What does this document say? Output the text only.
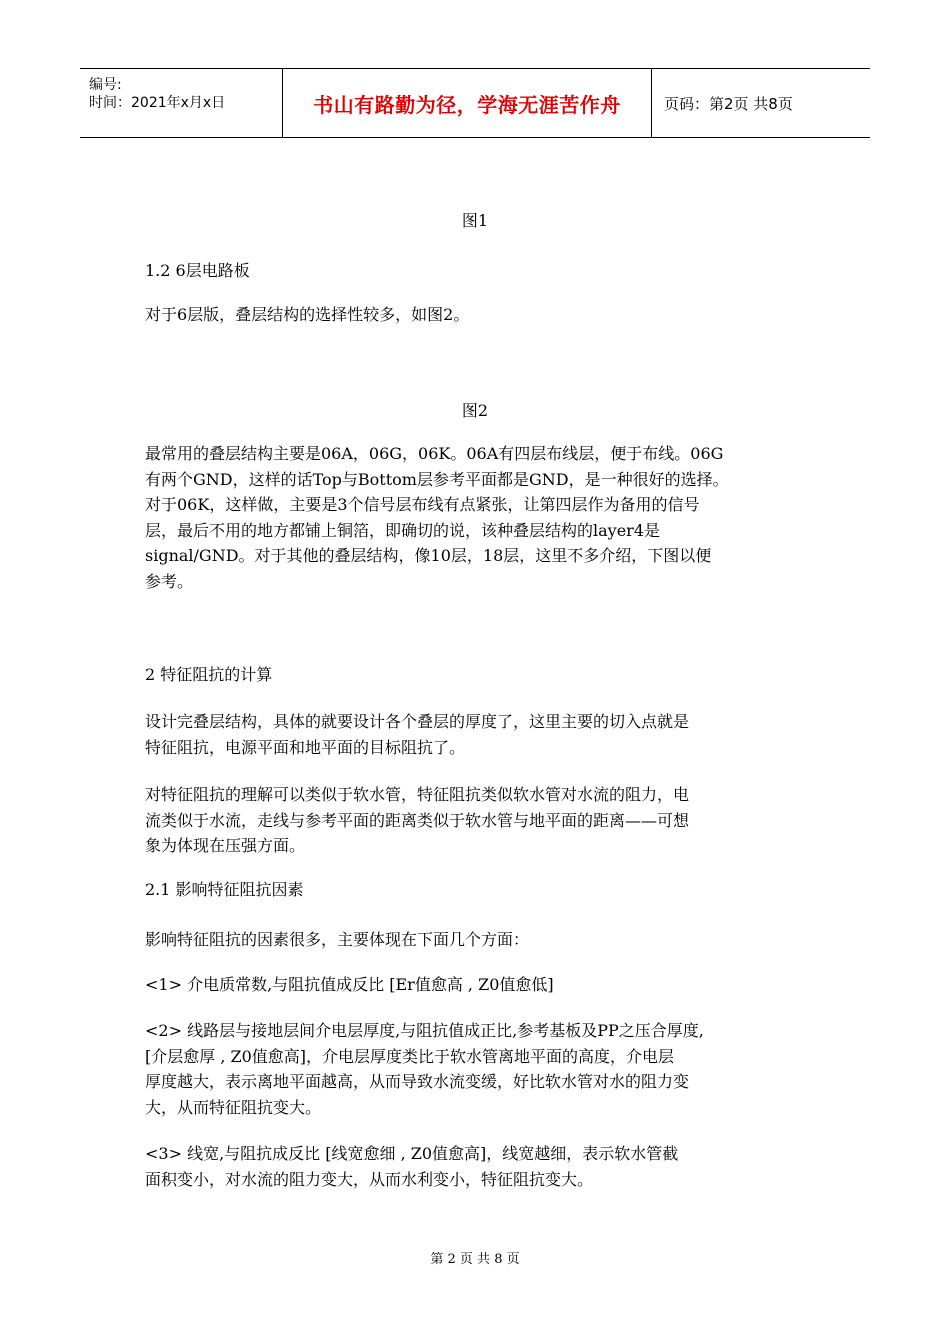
编号:
时间：2021年x月x日	书山有路勤为径，学海无涯苦作舟	页码：第2页 共8页
图1
1.2 6层电路板
对于6层版，叠层结构的选择性较多，如图2。
图2
最常用的叠层结构主要是06A，06G，06K。06A有四层布线层，便于布线。06G
有两个GND，这样的话Top与Bottom层参考平面都是GND，是一种很好的选择。
对于06K，这样做，主要是3个信号层布线有点紧张，让第四层作为备用的信号
层，最后不用的地方都铺上铜箔，即确切的说，该种叠层结构的layer4是
signal/GND。对于其他的叠层结构，像10层，18层，这里不多介绍，下图以便
参考。
2 特征阻抗的计算
设计完叠层结构，具体的就要设计各个叠层的厚度了，这里主要的切入点就是
特征阻抗，电源平面和地平面的目标阻抗了。
对特征阻抗的理解可以类似于软水管，特征阻抗类似软水管对水流的阻力，电
流类似于水流，走线与参考平面的距离类似于软水管与地平面的距离——可想
象为体现在压强方面。
2.1 影响特征阻抗因素
影响特征阻抗的因素很多，主要体现在下面几个方面：
<1> 介电质常数,与阻抗值成反比 [Er值愈高 , Z0值愈低]
<2> 线路层与接地层间介电层厚度,与阻抗值成正比,参考基板及PP之压合厚度,
[介层愈厚 , Z0值愈高]，介电层厚度类比于软水管离地平面的高度，介电层
厚度越大，表示离地平面越高，从而导致水流变缓，好比软水管对水的阻力变
大，从而特征阻抗变大。
<3> 线宽,与阻抗成反比 [线宽愈细 , Z0值愈高]，线宽越细，表示软水管截
面积变小，对水流的阻力变大，从而水利变小，特征阻抗变大。
第 2 页 共 8 页
